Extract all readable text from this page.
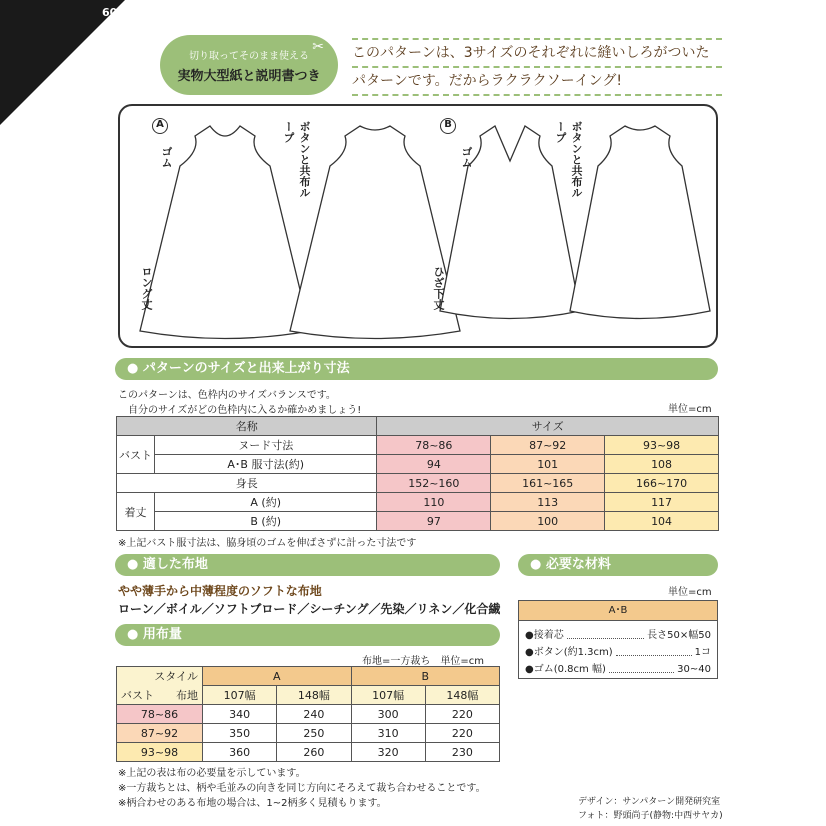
6032
切り取ってそのまま使える
実物大型紙と説明書つき
✂ このパターンは、3サイズのそれぞれに縫いしろがついた
パターンです。だからラクラクソーイング!
A	B
ゴム	ゴム
ボタンと共布ループ	ボタンと共布ループ
ロング丈	ひざ下丈
● パターンのサイズと出来上がり寸法
このパターンは、色枠内のサイズバランスです。
自分のサイズがどの色枠内に入るか確かめましょう!	単位=cm
名称		サイズ		
バスト	ヌード寸法	78~86	87~92	93~98
	A･B 服寸法(約)	94	101	108
身長		152~160	161~165	166~170
着丈	A (約)	110	113	117
	B (約)	97	100	104
※上記バスト服寸法は、脇身頃のゴムを伸ばさずに計った寸法です
● 適した布地
やや薄手から中薄程度のソフトな布地
ローン／ボイル／ソフトブロード／シーチング／先染／リネン／化合繊
● 用布量
布地=一方裁ち　単位=cm
スタイル	A		B	
バスト 布地	107幅	148幅	107幅	148幅
78~86	340	240	300	220
87~92	350	250	310	220
93~98	360	260	320	230
※上記の表は布の必要量を示しています。
※一方裁ちとは、柄や毛並みの向きを同じ方向にそろえて裁ち合わせることです。
※柄合わせのある布地の場合は、1~2柄多く見積もります。
● 必要な材料
単位=cm
A･B
●接着芯	長さ50×幅50
●ボタン(約1.3cm)	1コ
●ゴム(0.8cm 幅)	30~40
デザイン：サンパターン開発研究室
フォト：野頭尚子(静物:中西サヤカ)
